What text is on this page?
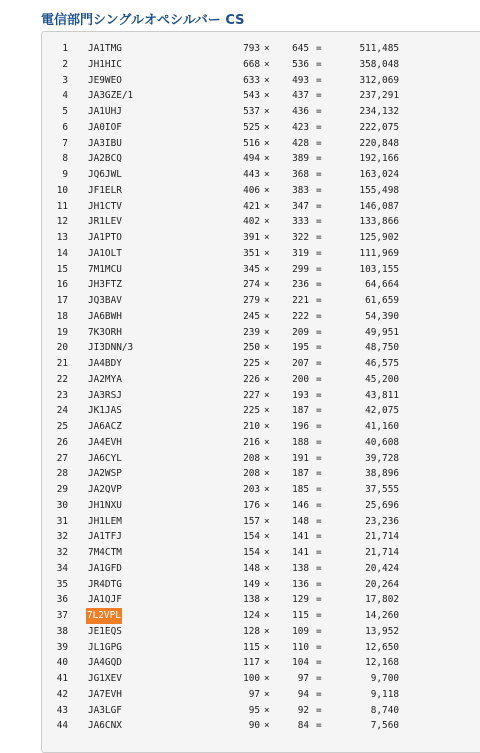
電信部門シングルオペシルバー CS
1 JA1TMG	793 × 645 =	511,485
2 JH1HIC	668 × 536 =	358,048
3 JE9WEO	633 × 493 =	312,069
4 JA3GZE/1	543 × 437 =	237,291
5 JA1UHJ	537 × 436 =	234,132
6 JA0IOF	525 × 423 =	222,075
7 JA3IBU	516 × 428 =	220,848
8 JA2BCQ	494 × 389 =	192,166
9 JQ6JWL	443 × 368 =	163,024
10 JF1ELR	406 × 383 =	155,498
11 JH1CTV	421 × 347 =	146,087
12 JR1LEV	402 × 333 =	133,866
13 JA1PTO	391 × 322 =	125,902
14 JA1OLT	351 × 319 =	111,969
15 7M1MCU	345 × 299 =	103,155
16 JH3FTZ	274 × 236 =	64,664
17 JQ3BAV	279 × 221 =	61,659
18 JA6BWH	245 × 222 =	54,390
19 7K3ORH	239 × 209 =	49,951
20 JI3DNN/3	250 × 195 =	48,750
21 JA4BDY	225 × 207 =	46,575
22 JA2MYA	226 × 200 =	45,200
23 JA3RSJ	227 × 193 =	43,811
24 JK1JAS	225 × 187 =	42,075
25 JA6ACZ	210 × 196 =	41,160
26 JA4EVH	216 × 188 =	40,608
27 JA6CYL	208 × 191 =	39,728
28 JA2WSP	208 × 187 =	38,896
29 JA2QVP	203 × 185 =	37,555
30 JH1NXU	176 × 146 =	25,696
31 JH1LEM	157 × 148 =	23,236
32 JA1TFJ	154 × 141 =	21,714
32 7M4CTM	154 × 141 =	21,714
34 JA1GFD	148 × 138 =	20,424
35 JR4DTG	149 × 136 =	20,264
36 JA1QJF	138 × 129 =	17,802
37 7L2VPL	124 × 115 =	14,260
38 JE1EQS	128 × 109 =	13,952
39 JL1GPG	115 × 110 =	12,650
40 JA4GQD	117 × 104 =	12,168
41 JG1XEV	100 ×	97 =	9,700
42 JA7EVH	97 ×	94 =	9,118
43 JA3LGF	95 ×	92 =	8,740
44 JA6CNX	90 ×	84 =	7,560
